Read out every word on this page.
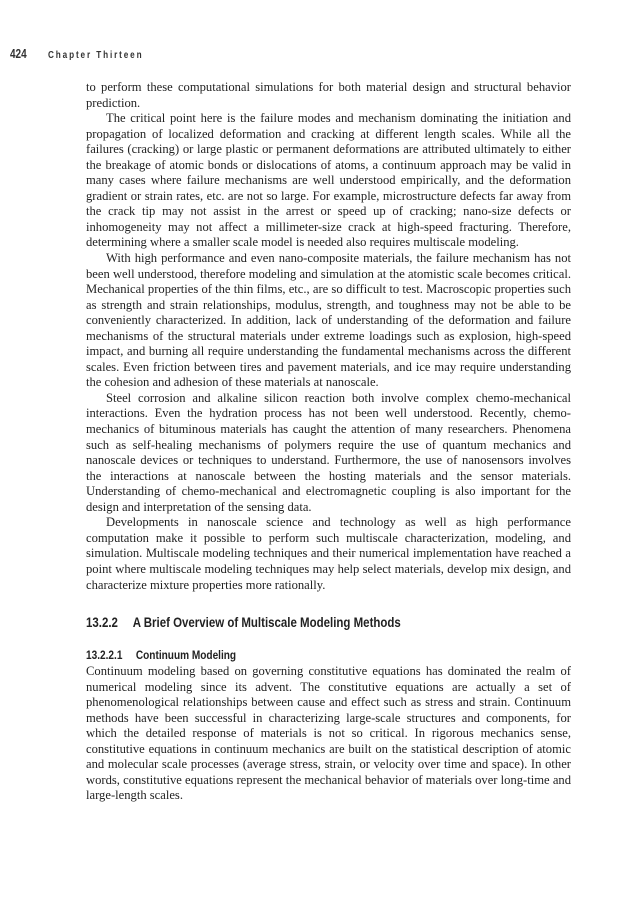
424 Chapter Thirteen

to perform these computational simulations for both material design and structural behavior prediction.

The critical point here is the failure modes and mechanism dominating the initiation and propagation of localized deformation and cracking at different length scales. While all the failures (cracking) or large plastic or permanent deformations are attributed ultimately to either the breakage of atomic bonds or dislocations of atoms, a continuum approach may be valid in many cases where failure mechanisms are well understood empirically, and the deformation gradient or strain rates, etc. are not so large. For example, microstructure defects far away from the crack tip may not assist in the arrest or speed up of cracking; nano-size defects or inhomogeneity may not affect a millimeter-size crack at high-speed fracturing. Therefore, determining where a smaller scale model is needed also requires multiscale modeling.

With high performance and even nano-composite materials, the failure mechanism has not been well understood, therefore modeling and simulation at the atomistic scale becomes critical. Mechanical properties of the thin films, etc., are so difficult to test. Macroscopic properties such as strength and strain relationships, modulus, strength, and toughness may not be able to be conveniently characterized. In addition, lack of understanding of the deformation and failure mechanisms of the structural materials under extreme loadings such as explosion, high-speed impact, and burning all require understanding the fundamental mechanisms across the different scales. Even friction between tires and pavement materials, and ice may require understanding the cohesion and adhesion of these materials at nanoscale.

Steel corrosion and alkaline silicon reaction both involve complex chemo-mechanical interactions. Even the hydration process has not been well understood. Recently, chemo-mechanics of bituminous materials has caught the attention of many researchers. Phenomena such as self-healing mechanisms of polymers require the use of quantum mechanics and nanoscale devices or techniques to understand. Furthermore, the use of nanosensors involves the interactions at nanoscale between the hosting materials and the sensor materials. Understanding of chemo-mechanical and electromagnetic coupling is also important for the design and interpretation of the sensing data.

Developments in nanoscale science and technology as well as high performance computation make it possible to perform such multiscale characterization, modeling, and simulation. Multiscale modeling techniques and their numerical implementation have reached a point where multiscale modeling techniques may help select materials, develop mix design, and characterize mixture properties more rationally.

13.2.2 A Brief Overview of Multiscale Modeling Methods
13.2.2.1 Continuum Modeling

Continuum modeling based on governing constitutive equations has dominated the realm of numerical modeling since its advent. The constitutive equations are actually a set of phenomenological relationships between cause and effect such as stress and strain. Continuum methods have been successful in characterizing large-scale structures and components, for which the detailed response of materials is not so critical. In rigorous mechanics sense, constitutive equations in continuum mechanics are built on the statistical description of atomic and molecular scale processes (average stress, strain, or velocity over time and space). In other words, constitutive equations represent the mechanical behavior of materials over long-time and large-length scales.
